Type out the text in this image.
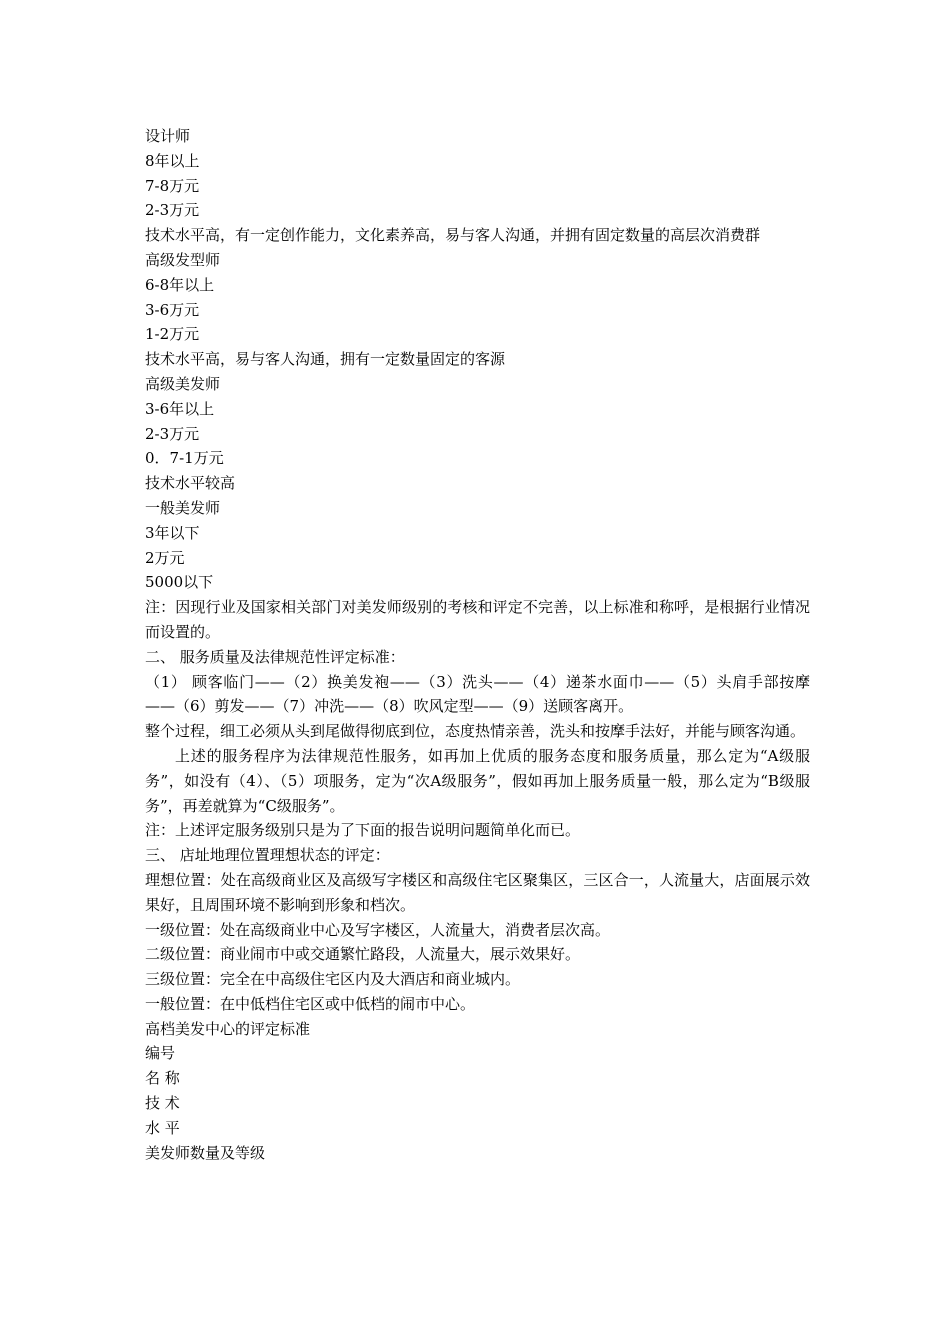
设计师

8年以上

7-8万元

2-3万元

技术水平高，有一定创作能力，文化素养高，易与客人沟通，并拥有固定数量的高层次消费群

高级发型师

6-8年以上

3-6万元

1-2万元

技术水平高，易与客人沟通，拥有一定数量固定的客源

高级美发师

3-6年以上

2-3万元

0．7-1万元

技术水平较高

一般美发师

3年以下

2万元

5000以下

注：因现行业及国家相关部门对美发师级别的考核和评定不完善，以上标准和称呼，是根据行业情况而设置的。

二、 服务质量及法律规范性评定标准：

（1） 顾客临门——（2）换美发袍——（3）洗头——（4）递茶水面巾——（5）头肩手部按摩——（6）剪发——（7）冲洗——（8）吹风定型——（9）送顾客离开。

整个过程，细工必须从头到尾做得彻底到位，态度热情亲善，洗头和按摩手法好，并能与顾客沟通。

上述的服务程序为法律规范性服务，如再加上优质的服务态度和服务质量，那么定为“A级服务”，如没有（4）、（5）项服务，定为“次A级服务”，假如再加上服务质量一般，那么定为“B级服务”，再差就算为“C级服务”。

注：上述评定服务级别只是为了下面的报告说明问题简单化而已。

三、 店址地理位置理想状态的评定：

理想位置：处在高级商业区及高级写字楼区和高级住宅区聚集区，三区合一，人流量大，店面展示效果好，且周围环境不影响到形象和档次。

一级位置：处在高级商业中心及写字楼区，人流量大，消费者层次高。

二级位置：商业闹市中或交通繁忙路段，人流量大，展示效果好。

三级位置：完全在中高级住宅区内及大酒店和商业城内。

一般位置：在中低档住宅区或中低档的闹市中心。

高档美发中心的评定标准

编号

名 称

技 术

水 平

美发师数量及等级
